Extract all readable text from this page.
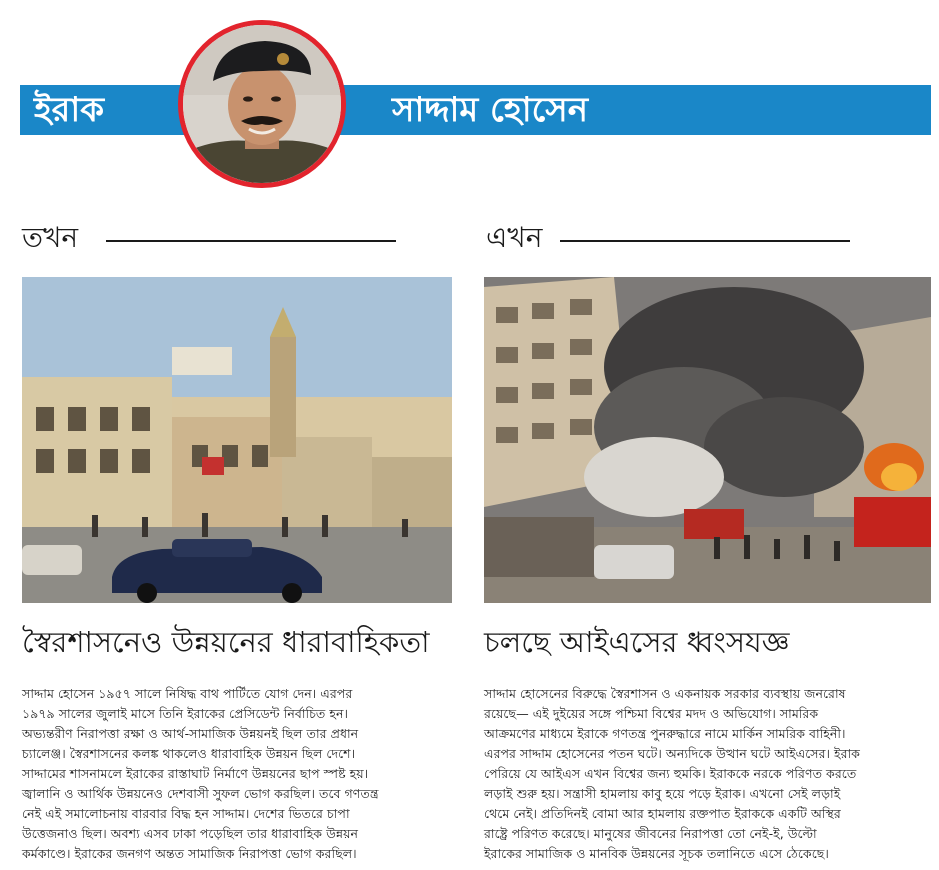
ইরাক	সাদ্দাম হোসেন
তখন	এখন
স্বৈরশাসনেও উন্নয়নের ধারাবাহিকতা চলছে আইএসের ধ্বংসযজ্ঞ

সাদ্দাম হোসেন ১৯৫৭ সালে নিষিদ্ধ বাথ পার্টিতে যোগ দেন। এরপর

১৯৭৯ সালের জুলাই মাসে তিনি ইরাকের প্রেসিডেন্ট নির্বাচিত হন।

অভ্যন্তরীণ নিরাপত্তা রক্ষা ও আর্থ-সামাজিক উন্নয়নই ছিল তার প্রধান

চ্যালেঞ্জ। স্বৈরশাসনের কলঙ্ক থাকলেও ধারাবাহিক উন্নয়ন ছিল দেশে।

সাদ্দামের শাসনামলে ইরাকের রাস্তাঘাট নির্মাণে উন্নয়নের ছাপ স্পষ্ট হয়।

জ্বালানি ও আর্থিক উন্নয়নেও দেশবাসী সুফল ভোগ করছিল। তবে গণতন্ত্র

নেই এই সমালোচনায় বারবার বিদ্ধ হন সাদ্দাম। দেশের ভিতরে চাপা

উত্তেজনাও ছিল। অবশ্য এসব ঢাকা পড়েছিল তার ধারাবাহিক উন্নয়ন

কর্মকাণ্ডে। ইরাকের জনগণ অন্তত সামাজিক নিরাপত্তা ভোগ করছিল।

সাদ্দাম হোসেনের বিরুদ্ধে স্বৈরশাসন ও একনায়ক সরকার ব্যবস্থায় জনরোষ

রয়েছে— এই দুইয়ের সঙ্গে পশ্চিমা বিশ্বের মদদ ও অভিযোগ। সামরিক

আক্রমণের মাধ্যমে ইরাকে গণতন্ত্র পুনরুদ্ধারে নামে মার্কিন সামরিক বাহিনী।

এরপর সাদ্দাম হোসেনের পতন ঘটে। অন্যদিকে উত্থান ঘটে আইএসের। ইরাক

পেরিয়ে যে আইএস এখন বিশ্বের জন্য হুমকি। ইরাককে নরকে পরিণত করতে

লড়াই শুরু হয়। সন্ত্রাসী হামলায় কাবু হয়ে পড়ে ইরাক। এখনো সেই লড়াই

থেমে নেই। প্রতিদিনই বোমা আর হামলায় রক্তপাত ইরাককে একটি অস্থির

রাষ্ট্রে পরিণত করেছে। মানুষের জীবনের নিরাপত্তা তো নেই-ই, উল্টো

ইরাকের সামাজিক ও মানবিক উন্নয়নের সূচক তলানিতে এসে ঠেকেছে।
